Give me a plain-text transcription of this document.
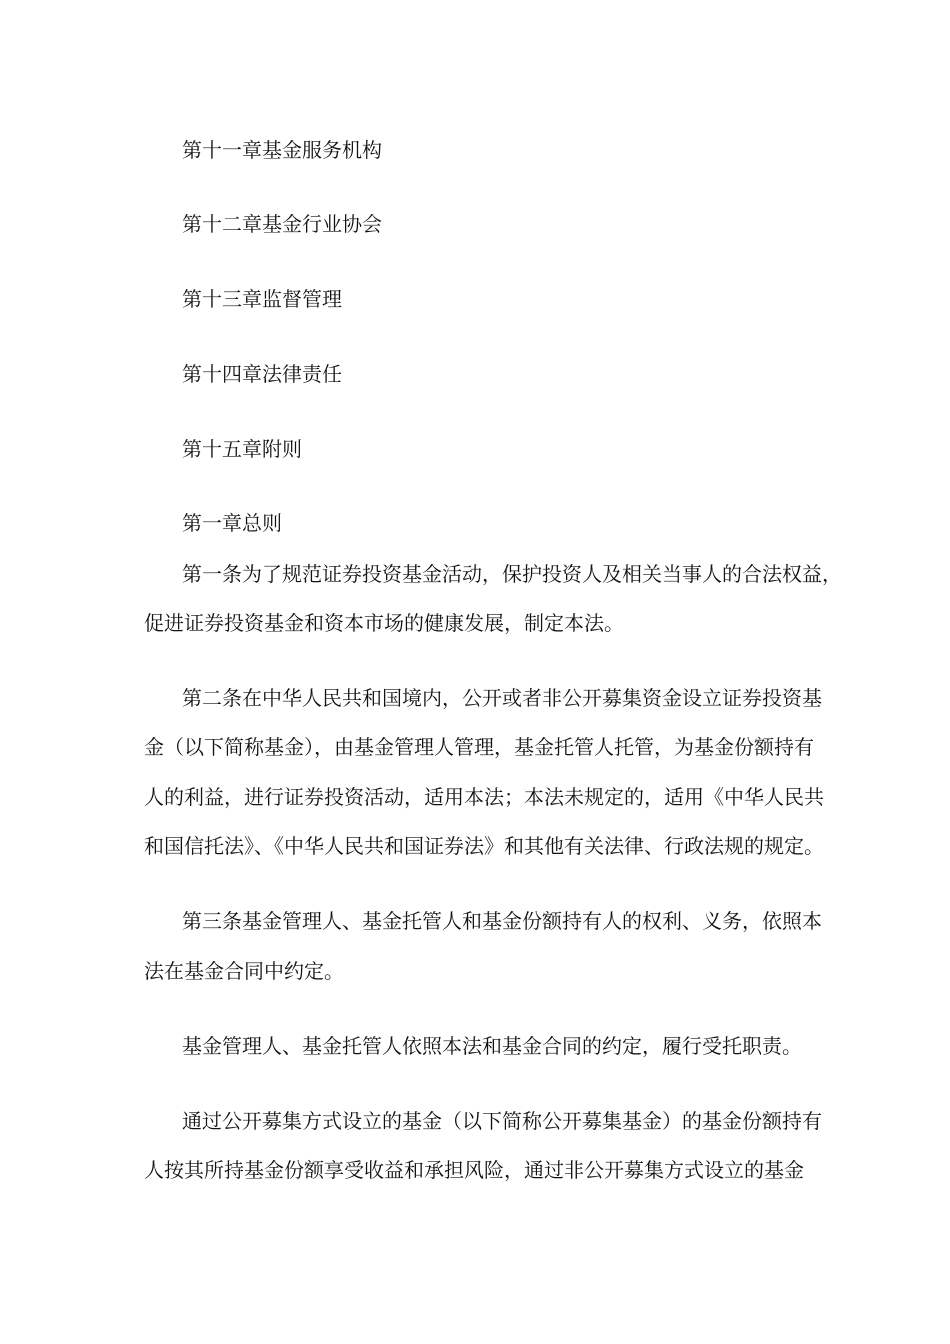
第十一章基金服务机构
第十二章基金行业协会
第十三章监督管理
第十四章法律责任
第十五章附则
第一章总则
第一条为了规范证券投资基金活动，保护投资人及相关当事人的合法权益，
促进证券投资基金和资本市场的健康发展，制定本法。
第二条在中华人民共和国境内，公开或者非公开募集资金设立证券投资基
金（以下简称基金），由基金管理人管理，基金托管人托管，为基金份额持有
人的利益，进行证券投资活动，适用本法；本法未规定的，适用《中华人民共
和国信托法》、《中华人民共和国证券法》和其他有关法律、行政法规的规定。
第三条基金管理人、基金托管人和基金份额持有人的权利、义务，依照本
法在基金合同中约定。
基金管理人、基金托管人依照本法和基金合同的约定，履行受托职责。
通过公开募集方式设立的基金（以下简称公开募集基金）的基金份额持有
人按其所持基金份额享受收益和承担风险，通过非公开募集方式设立的基金
